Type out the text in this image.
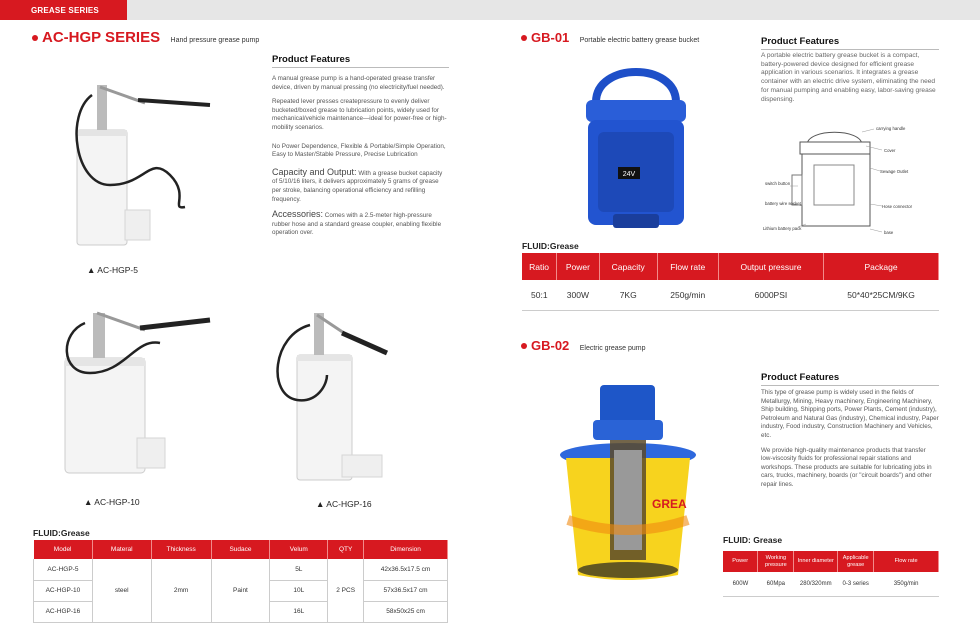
GREASE SERIES
AC-HGP SERIES Hand pressure grease pump
▲ AC-HGP-5
▲ AC-HGP-10	▲ AC-HGP-16
Product Features

A manual grease pump is a hand-operated grease transfer device, driven by manual pressing (no electricity/fuel needed).

Repeated lever presses createpressure to evenly deliver bucketed/boxed grease to lubrication points, widely used for mechanical/vehicle maintenance—ideal for power-free or high-mobility scenarios.

No Power Dependence, Flexible & Portable/Simple Operation, Easy to Master/Stable Pressure, Precise Lubrication

Capacity and Output: With a grease bucket capacity of 5/10/16 liters, it delivers approximately 5 grams of grease per stroke, balancing operational efficiency and refilling frequency.

Accessories: Comes with a 2.5-meter high-pressure rubber hose and a standard grease coupler, enabling flexible operation over.

FLUID:Grease
Model	Materal	Thickness	Sudace	Velum	QTY	Dimension
AC-HGP-5	steel	2mm	Paint	5L	2 PCS	42x36.5x17.5 cm
AC-HGP-10				10L		57x36.5x17 cm
AC-HGP-16				16L		58x50x25 cm
GB-01 Portable electric battery grease bucket
24V
Product Features

A portable electric battery grease bucket is a compact, battery-powered device designed for efficient grease application in various scenarios. It integrates a grease container with an electric drive system, eliminating the need for manual pumping and enabling easy, labor-saving grease dispensing.

carrying handle
Cover
Sewage Outlet
switch button
Hose connector
battery wire socket
Lithium battery pack
base
FLUID:Grease
Ratio	Power	Capacity	Flow rate	Output pressure	Package
50:1	300W	7KG	250g/min	6000PSI	50*40*25CM/9KG
GB-02 Electric grease pump
GREA
Product Features

This type of grease pump is widely used in the fields of Metallurgy, Mining, Heavy machinery, Engineering Machinery, Ship building, Shipping ports, Power Plants, Cement (industry), Petroleum and Natural Gas (industry), Chemical industry, Paper industry, Food industry, Construction Machinery and Vehicles, etc.

We provide high-quality maintenance products that transfer low-viscosity fluids for professional repair stations and workshops. These products are suitable for lubricating jobs in cars, trucks, machinery, boards (or "circuit boards") and other repair lines.

FLUID: Grease
Power	Working pressure	Inner diameter	Applicable grease	Flow rate
600W	60Mpa	280/320mm	0-3 series	350g/min
